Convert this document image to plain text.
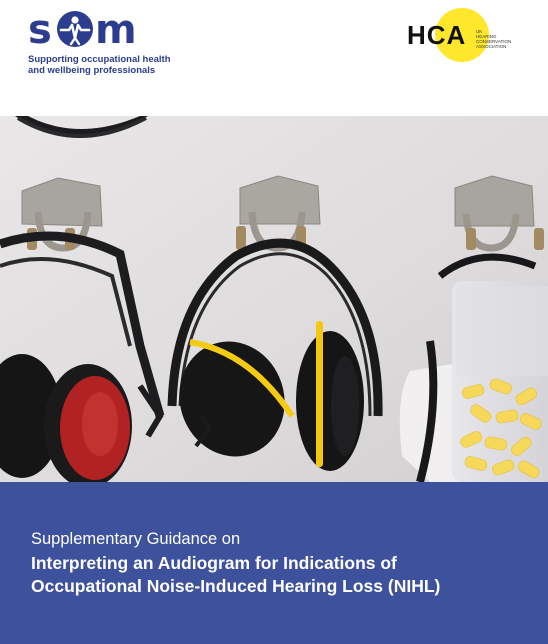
s m
Supporting occupational health
and wellbeing professionals
HCA UK
HEARING
CONSERVATION
ASSOCIATION
Supplementary Guidance on
Interpreting an Audiogram for Indications of
Occupational Noise-Induced Hearing Loss (NIHL)
